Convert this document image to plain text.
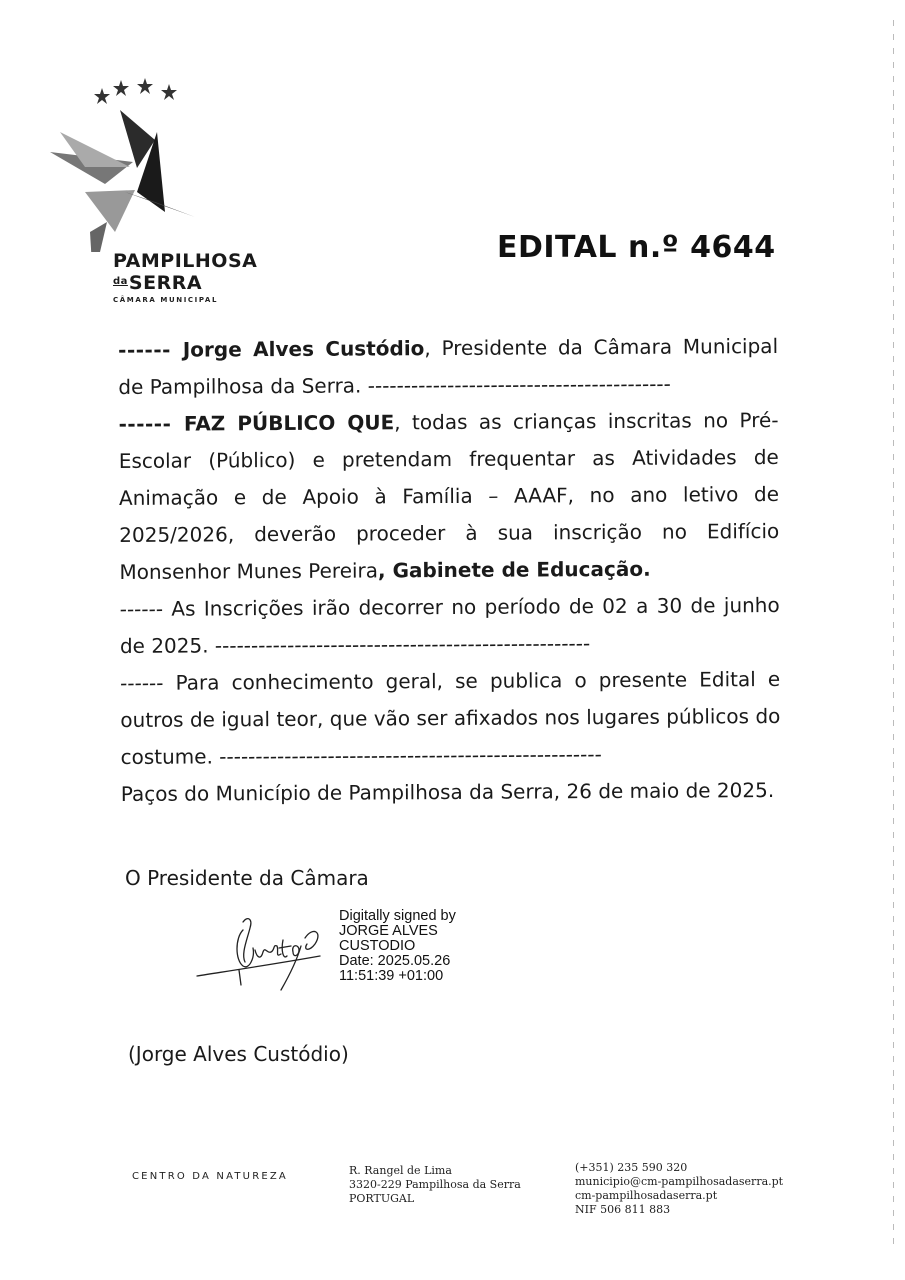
PAMPILHOSA
$^{da}$SERRA
CÂMARA MUNICIPAL
EDITAL n.º 4644

------ Jorge Alves Custódio, Presidente da Câmara Municipal de Pampilhosa da Serra. ------------------------------------------

------ FAZ PÚBLICO QUE, todas as crianças inscritas no Pré-Escolar (Público) e pretendam frequentar as Atividades de Animação e de Apoio à Família – AAAF, no ano letivo de 2025/2026, deverão proceder à sua inscrição no Edifício Monsenhor Munes Pereira, Gabinete de Educação.

------ As Inscrições irão decorrer no período de 02 a 30 de junho de 2025. ----------------------------------------------------

------ Para conhecimento geral, se publica o presente Edital e outros de igual teor, que vão ser afixados nos lugares públicos do costume. -----------------------------------------------------

Paços do Município de Pampilhosa da Serra, 26 de maio de 2025.

O Presidente da Câmara
Digitally signed by
JORGE ALVES
CUSTODIO
Date: 2025.05.26
11:51:39 +01:00
(Jorge Alves Custódio)
CENTRO DA NATUREZA	R. Rangel de Lima
3320-229 Pampilhosa da Serra
PORTUGAL
(+351) 235 590 320
municipio@cm-pampilhosadaserra.pt
cm-pampilhosadaserra.pt
NIF 506 811 883
